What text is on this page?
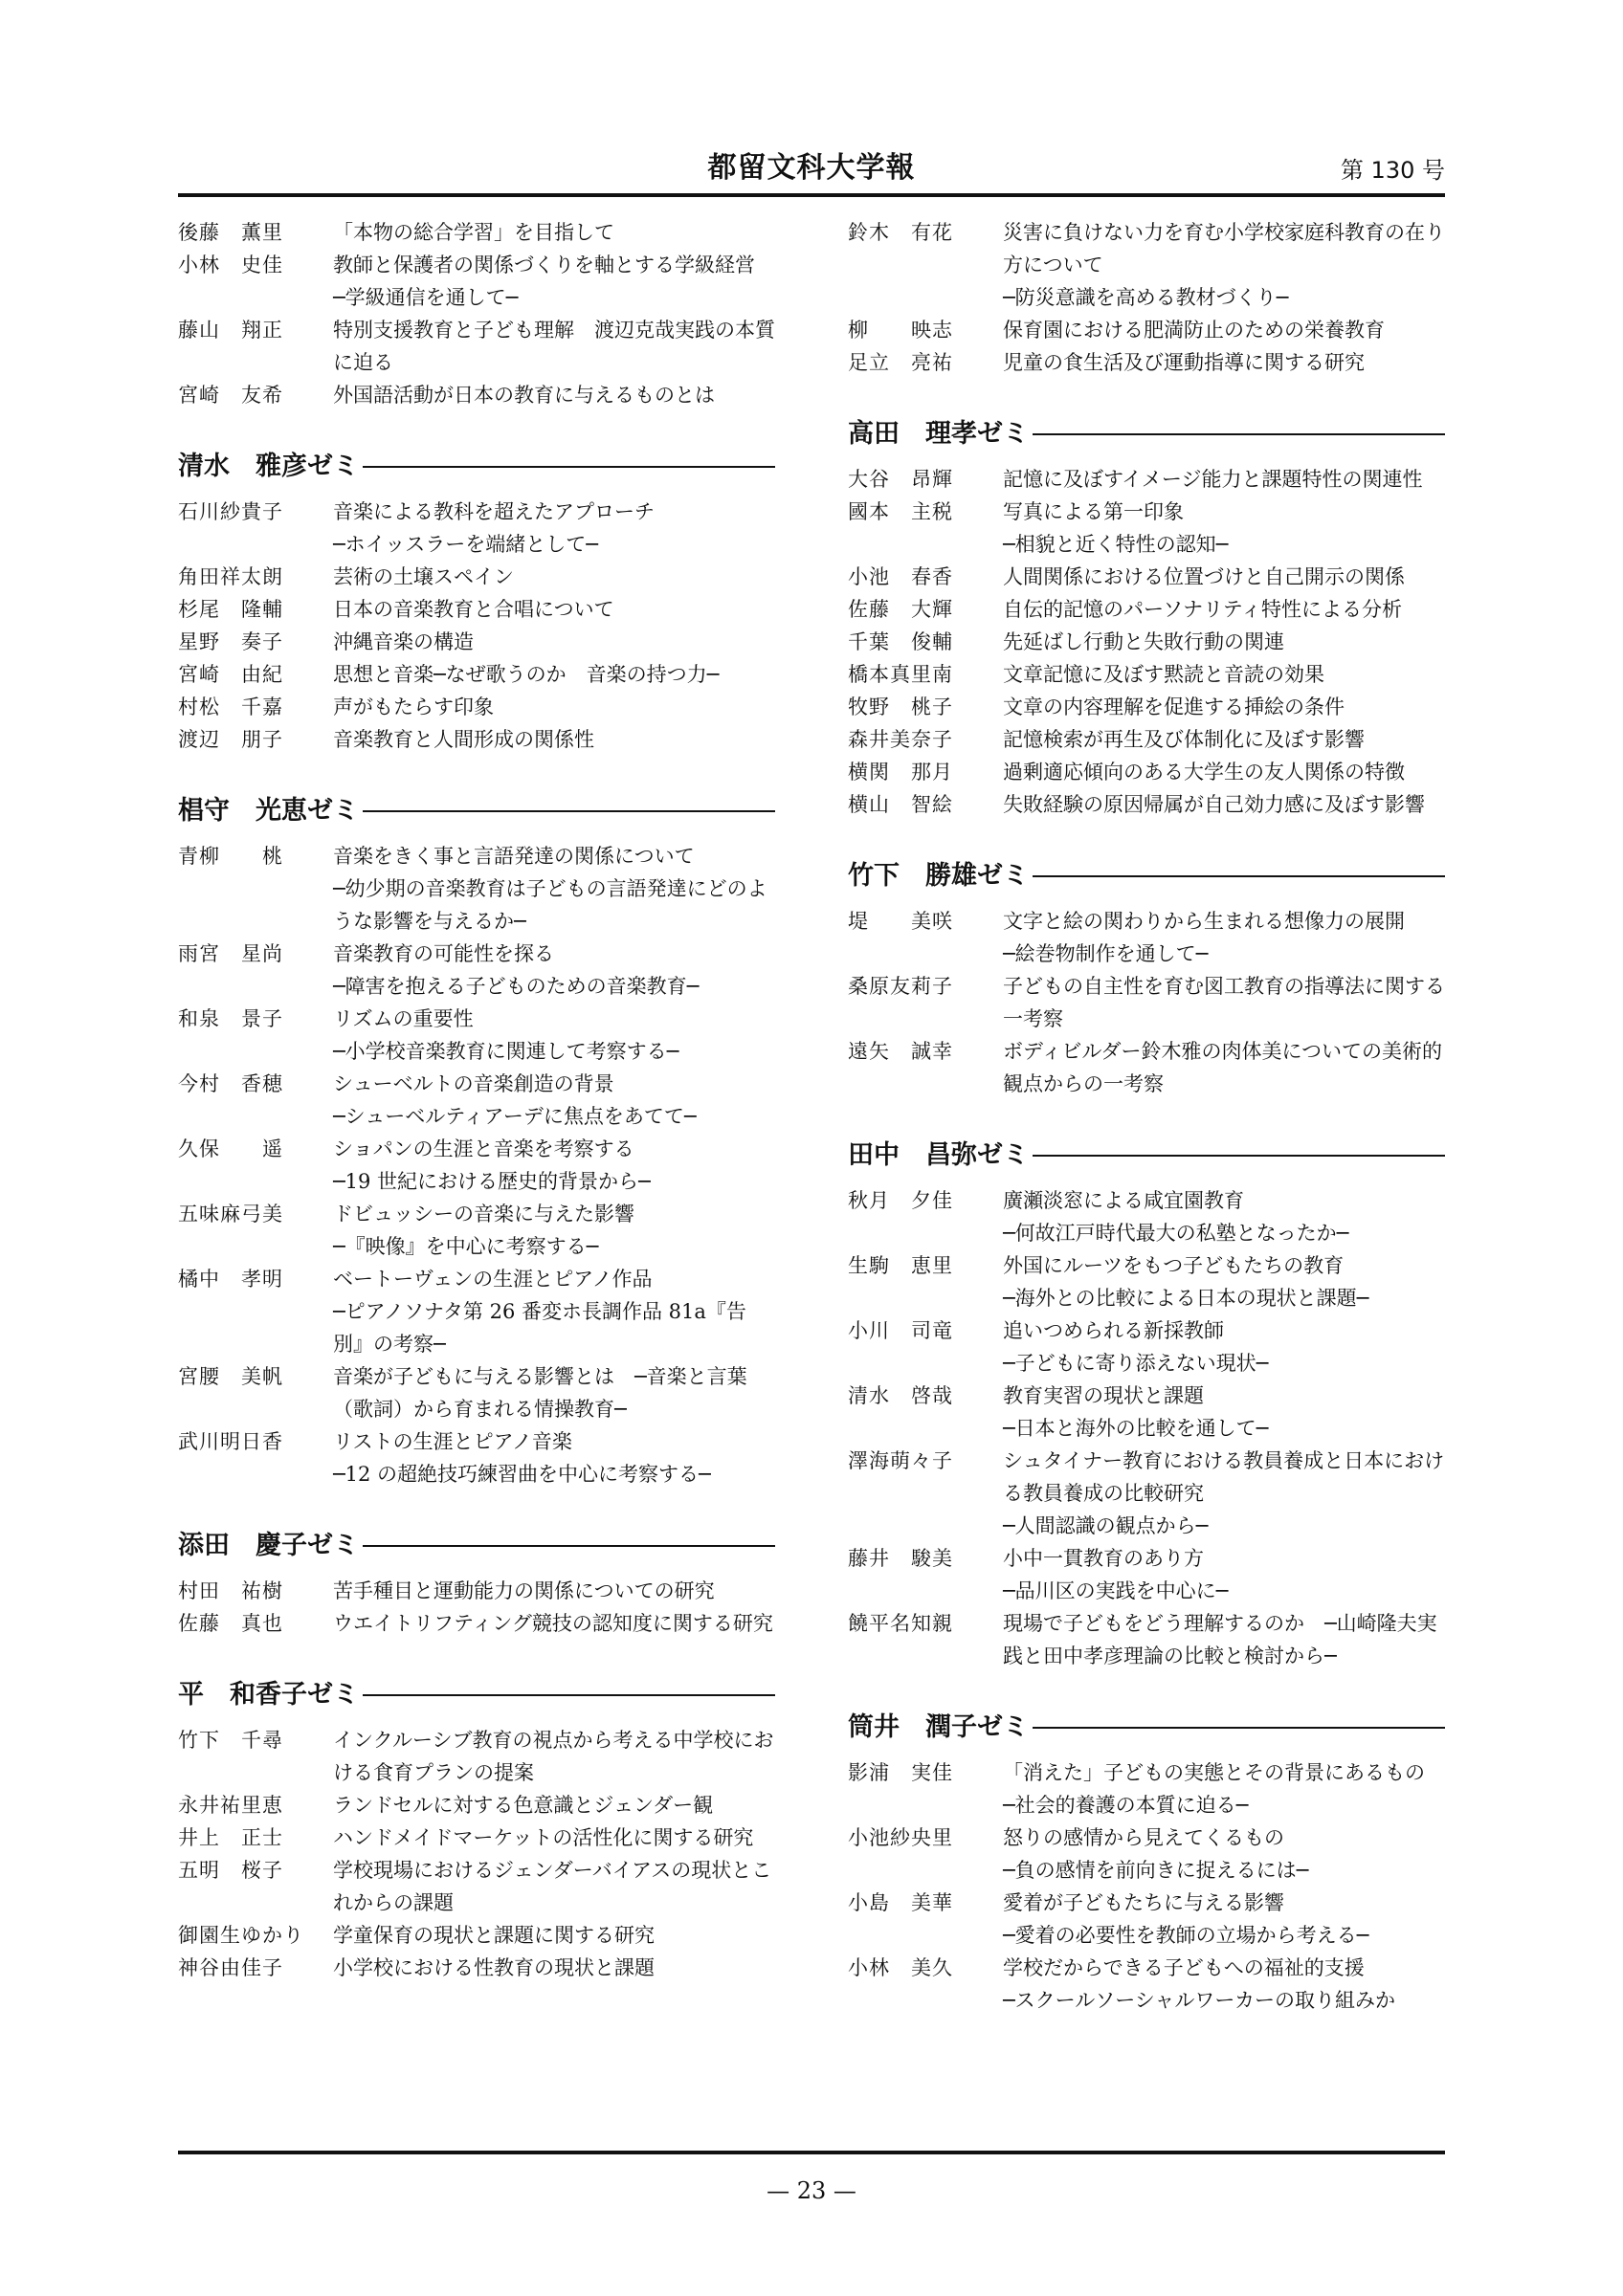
都留文科大学報	第 130 号
後藤　薫里	「本物の総合学習」を目指して
小林　史佳	教師と保護者の関係づくりを軸とする学級経営　─学級通信を通して─
藤山　翔正	特別支援教育と子ども理解　渡辺克哉実践の本質に迫る
宮崎　友希	外国語活動が日本の教育に与えるものとは
清水　雅彦ゼミ
石川紗貴子	音楽による教科を超えたアプローチ
─ホイッスラーを端緒として─
角田祥太朗	芸術の土壌スペイン
杉尾　隆輔	日本の音楽教育と合唱について
星野　奏子	沖縄音楽の構造
宮崎　由紀	思想と音楽─なぜ歌うのか　音楽の持つ力─
村松　千嘉	声がもたらす印象
渡辺　朋子	音楽教育と人間形成の関係性
椙守　光恵ゼミ
青柳　　桃	音楽をきく事と言語発達の関係について
─幼少期の音楽教育は子どもの言語発達にどのような影響を与えるか─
雨宮　星尚	音楽教育の可能性を探る
─障害を抱える子どものための音楽教育─
和泉　景子	リズムの重要性
─小学校音楽教育に関連して考察する─
今村　香穂	シューベルトの音楽創造の背景
─シューベルティアーデに焦点をあてて─
久保　　遥	ショパンの生涯と音楽を考察する
─19 世紀における歴史的背景から─
五味麻弓美	ドビュッシーの音楽に与えた影響
─『映像』を中心に考察する─
橘中　孝明	ベートーヴェンの生涯とピアノ作品
─ピアノソナタ第 26 番変ホ長調作品 81a『告別』の考察─
宮腰　美帆	音楽が子どもに与える影響とは　─音楽と言葉（歌詞）から育まれる情操教育─
武川明日香	リストの生涯とピアノ音楽
─12 の超絶技巧練習曲を中心に考察する─
添田　慶子ゼミ
村田　祐樹	苦手種目と運動能力の関係についての研究
佐藤　真也	ウエイトリフティング競技の認知度に関する研究
平　和香子ゼミ
竹下　千尋	インクルーシブ教育の視点から考える中学校における食育プランの提案
永井祐里恵	ランドセルに対する色意識とジェンダー観
井上　正士	ハンドメイドマーケットの活性化に関する研究
五明　桜子	学校現場におけるジェンダーバイアスの現状とこれからの課題
御園生ゆかり	学童保育の現状と課題に関する研究
神谷由佳子	小学校における性教育の現状と課題
鈴木　有花	災害に負けない力を育む小学校家庭科教育の在り方について
─防災意識を高める教材づくり─
柳　　映志	保育園における肥満防止のための栄養教育
足立　亮祐	児童の食生活及び運動指導に関する研究
高田　理孝ゼミ
大谷　昂輝	記憶に及ぼすイメージ能力と課題特性の関連性
國本　主税	写真による第一印象
─相貌と近く特性の認知─
小池　春香	人間関係における位置づけと自己開示の関係
佐藤　大輝	自伝的記憶のパーソナリティ特性による分析
千葉　俊輔	先延ばし行動と失敗行動の関連
橋本真里南	文章記憶に及ぼす黙読と音読の効果
牧野　桃子	文章の内容理解を促進する挿絵の条件
森井美奈子	記憶検索が再生及び体制化に及ぼす影響
横関　那月	過剰適応傾向のある大学生の友人関係の特徴
横山　智絵	失敗経験の原因帰属が自己効力感に及ぼす影響
竹下　勝雄ゼミ
堤　　美咲	文字と絵の関わりから生まれる想像力の展開
─絵巻物制作を通して─
桑原友莉子	子どもの自主性を育む図工教育の指導法に関する一考察
遠矢　誠幸	ボディビルダー鈴木雅の肉体美についての美術的観点からの一考察
田中　昌弥ゼミ
秋月　夕佳	廣瀬淡窓による咸宜園教育
─何故江戸時代最大の私塾となったか─
生駒　恵里	外国にルーツをもつ子どもたちの教育
─海外との比較による日本の現状と課題─
小川　司竜	追いつめられる新採教師
─子どもに寄り添えない現状─
清水　啓哉	教育実習の現状と課題
─日本と海外の比較を通して─
澤海萌々子	シュタイナー教育における教員養成と日本における教員養成の比較研究
─人間認識の観点から─
藤井　駿美	小中一貫教育のあり方
─品川区の実践を中心に─
饒平名知親	現場で子どもをどう理解するのか　─山崎隆夫実践と田中孝彦理論の比較と検討から─
筒井　潤子ゼミ
影浦　実佳	「消えた」子どもの実態とその背景にあるもの　─社会的養護の本質に迫る─
小池紗央里	怒りの感情から見えてくるもの
─負の感情を前向きに捉えるには─
小島　美華	愛着が子どもたちに与える影響
─愛着の必要性を教師の立場から考える─
小林　美久	学校だからできる子どもへの福祉的支援
─スクールソーシャルワーカーの取り組みか
— 23 —
